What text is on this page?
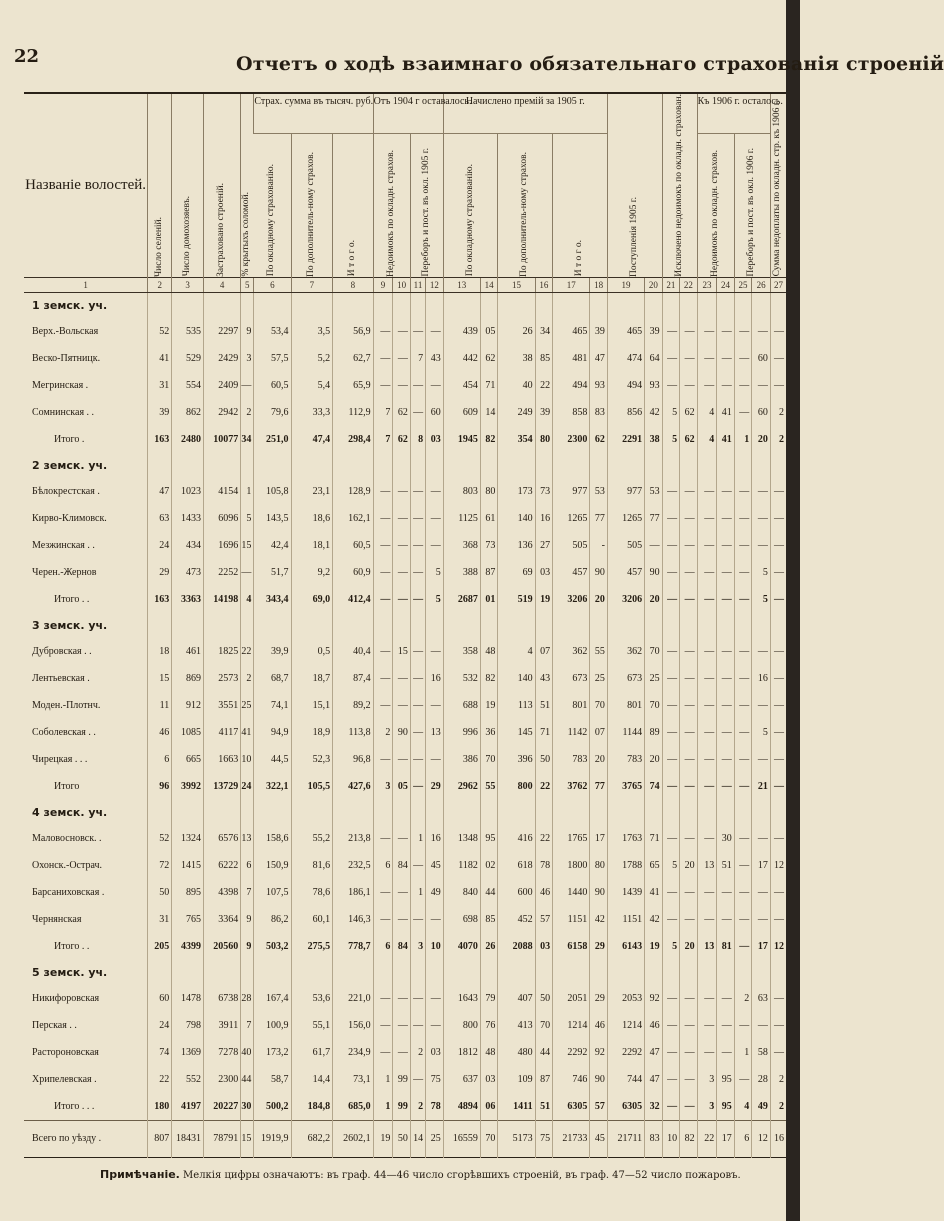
22	Отчетъ о ходѣ взаимнаго обязательнаго страхованія строеній
Названіе волостей.	Число селеній.	Число домохозяевъ.	Застраховано строеній.	% крытыхъ соломой.	Страх. сумма въ тысяч. руб.			Отъ 1904 г оставалось.				Начислено премій за 1905 г.						Поступленія 1905 г.		Исключено недоимокъ по окладн. страхован.		Къ 1906 г. осталось.				Сумма недоплаты по окладн. стр. къ 1906 г.

					По окладному страхованію.	По дополнитель-ному страхов.	И т о г о.	Недоимокъ по окладн. страхов.		Переборъ и пост. въ окл. 1905 г.		По окладному страхованію.		По дополнитель-ному страхов.		И т о г о.						Недоимокъ по окладн. страхов.		Переборъ и пост. въ окл. 1906 г.		

1	2	3	4	5	6	7	8	9	10	11	12	13	14	15	16	17	18	19	20	21	22	23	24	25	26	27
1 земск. уч.																										
Верх.-Вольская	52	535	2297	9	53,4	3,5	56,9	—	—	—	—	439	05	26	34	465	39	465	39	—	—	—	—	—	—	—
Веско-Пятницк.	41	529	2429	3	57,5	5,2	62,7	—	—	7	43	442	62	38	85	481	47	474	64	—	—	—	—	—	60	—
Мегринская .	31	554	2409	—	60,5	5,4	65,9	—	—	—	—	454	71	40	22	494	93	494	93	—	—	—	—	—	—	—
Сомнинская . .	39	862	2942	2	79,6	33,3	112,9	7	62	—	60	609	14	249	39	858	83	856	42	5	62	4	41	—	60	2
Итого .	163	2480	10077	34	251,0	47,4	298,4	7	62	8	03	1945	82	354	80	2300	62	2291	38	5	62	4	41	1	20	2
2 земск. уч.																										
Бѣлокрестская .	47	1023	4154	1	105,8	23,1	128,9	—	—	—	—	803	80	173	73	977	53	977	53	—	—	—	—	—	—	—
Кирво-Климовск.	63	1433	6096	5	143,5	18,6	162,1	—	—	—	—	1125	61	140	16	1265	77	1265	77	—	—	—	—	—	—	—
Мезжинская . .	24	434	1696	15	42,4	18,1	60,5	—	—	—	—	368	73	136	27	505	-	505	—	—	—	—	—	—	—	—
Черен.-Жернов	29	473	2252	—	51,7	9,2	60,9	—	—	—	5	388	87	69	03	457	90	457	90	—	—	—	—	—	5	—
Итого . .	163	3363	14198	4	343,4	69,0	412,4	—	—	—	5	2687	01	519	19	3206	20	3206	20	—	—	—	—	—	5	—
3 земск. уч.																										
Дубровская . .	18	461	1825	22	39,9	0,5	40,4	—	15	—	—	358	48	4	07	362	55	362	70	—	—	—	—	—	—	—
Лентьевская .	15	869	2573	2	68,7	18,7	87,4	—	—	—	16	532	82	140	43	673	25	673	25	—	—	—	—	—	16	—
Моден.-Плотнч.	11	912	3551	25	74,1	15,1	89,2	—	—	—	—	688	19	113	51	801	70	801	70	—	—	—	—	—	—	—
Соболевская . .	46	1085	4117	41	94,9	18,9	113,8	2	90	—	13	996	36	145	71	1142	07	1144	89	—	—	—	—	—	5	—
Чирецкая . . .	6	665	1663	10	44,5	52,3	96,8	—	—	—	—	386	70	396	50	783	20	783	20	—	—	—	—	—	—	—
Итого	96	3992	13729	24	322,1	105,5	427,6	3	05	—	29	2962	55	800	22	3762	77	3765	74	—	—	—	—	—	21	—
4 земск. уч.																										
Маловосновск. .	52	1324	6576	13	158,6	55,2	213,8	—	—	1	16	1348	95	416	22	1765	17	1763	71	—	—	—	30	—	—	—
Охонск.-Острач.	72	1415	6222	6	150,9	81,6	232,5	6	84	—	45	1182	02	618	78	1800	80	1788	65	5	20	13	51	—	17	12
Барсаниховская .	50	895	4398	7	107,5	78,6	186,1	—	—	1	49	840	44	600	46	1440	90	1439	41	—	—	—	—	—	—	—
Чернянская	31	765	3364	9	86,2	60,1	146,3	—	—	—	—	698	85	452	57	1151	42	1151	42	—	—	—	—	—	—	—
Итого . .	205	4399	20560	9	503,2	275,5	778,7	6	84	3	10	4070	26	2088	03	6158	29	6143	19	5	20	13	81	—	17	12
5 земск. уч.																										
Никифоровская	60	1478	6738	28	167,4	53,6	221,0	—	—	—	—	1643	79	407	50	2051	29	2053	92	—	—	—	—	2	63	—
Перская . .	24	798	3911	7	100,9	55,1	156,0	—	—	—	—	800	76	413	70	1214	46	1214	46	—	—	—	—	—	—	—
Растороновская	74	1369	7278	40	173,2	61,7	234,9	—	—	2	03	1812	48	480	44	2292	92	2292	47	—	—	—	—	1	58	—
Хрипелевская .	22	552	2300	44	58,7	14,4	73,1	1	99	—	75	637	03	109	87	746	90	744	47	—	—	3	95	—	28	2
Итого . . .	180	4197	20227	30	500,2	184,8	685,0	1	99	2	78	4894	06	1411	51	6305	57	6305	32	—	—	3	95	4	49	2
Всего по уѣзду .	807	18431	78791	15	1919,9	682,2	2602,1	19	50	14	25	16559	70	5173	75	21733	45	21711	83	10	82	22	17	6	12	16
Примѣчаніе. Мелкія цифры означаютъ: въ граф. 44—46 число сгорѣвшихъ строеній, въ граф. 47—52 число пожаровъ.
